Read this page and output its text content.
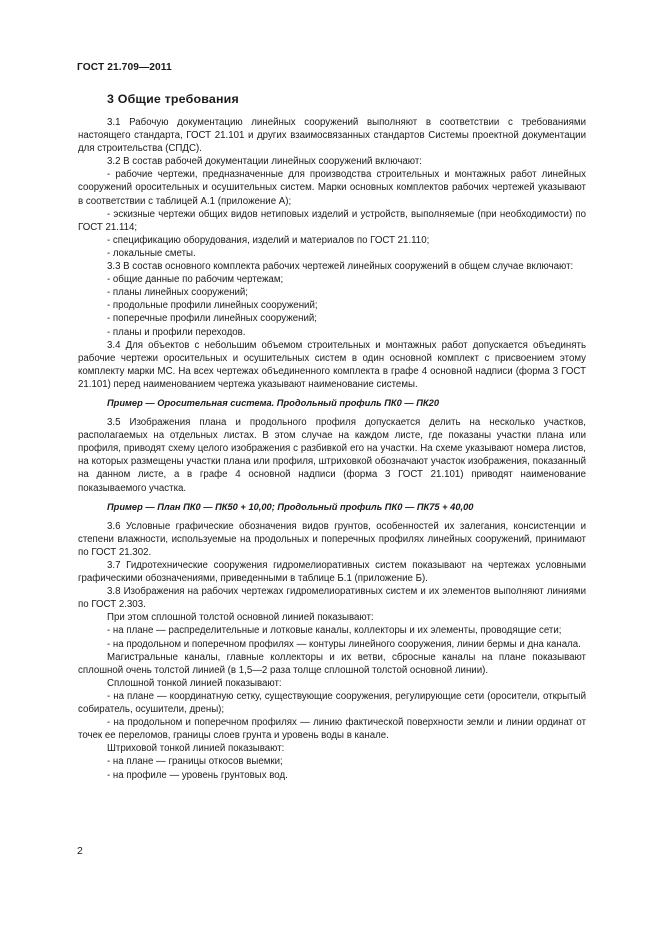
ГОСТ 21.709—2011
3 Общие требования

3.1 Рабочую документацию линейных сооружений выполняют в соответствии с требованиями настоящего стандарта, ГОСТ 21.101 и других взаимосвязанных стандартов Системы проектной документации для строительства (СПДС).

3.2 В состав рабочей документации линейных сооружений включают:

- рабочие чертежи, предназначенные для производства строительных и монтажных работ линейных сооружений оросительных и осушительных систем. Марки основных комплектов рабочих чертежей указывают в соответствии с таблицей А.1 (приложение А);

- эскизные чертежи общих видов нетиповых изделий и устройств, выполняемые (при необходимости) по ГОСТ 21.114;

- спецификацию оборудования, изделий и материалов по ГОСТ 21.110;

- локальные сметы.

3.3 В состав основного комплекта рабочих чертежей линейных сооружений в общем случае включают:

- общие данные по рабочим чертежам;

- планы линейных сооружений;

- продольные профили линейных сооружений;

- поперечные профили линейных сооружений;

- планы и профили переходов.

3.4 Для объектов с небольшим объемом строительных и монтажных работ допускается объединять рабочие чертежи оросительных и осушительных систем в один основной комплект с присвоением этому комплекту марки МС. На всех чертежах объединенного комплекта в графе 4 основной надписи (форма 3 ГОСТ 21.101) перед наименованием чертежа указывают наименование системы.

Пример — Оросительная система. Продольный профиль ПК0 — ПК20

3.5 Изображения плана и продольного профиля допускается делить на несколько участков, располагаемых на отдельных листах. В этом случае на каждом листе, где показаны участки плана или профиля, приводят схему целого изображения с разбивкой его на участки. На схеме указывают номера листов, на которых размещены участки плана или профиля, штриховкой обозначают участок изображения, показанный на данном листе, а в графе 4 основной надписи (форма 3 ГОСТ 21.101) приводят наименование показываемого участка.

Пример — План ПК0 — ПК50 + 10,00; Продольный профиль ПК0 — ПК75 + 40,00

3.6 Условные графические обозначения видов грунтов, особенностей их залегания, консистенции и степени влажности, используемые на продольных и поперечных профилях линейных сооружений, принимают по ГОСТ 21.302.

3.7 Гидротехнические сооружения гидромелиоративных систем показывают на чертежах условными графическими обозначениями, приведенными в таблице Б.1 (приложение Б).

3.8 Изображения на рабочих чертежах гидромелиоративных систем и их элементов выполняют линиями по ГОСТ 2.303.

При этом сплошной толстой основной линией показывают:

- на плане — распределительные и лотковые каналы, коллекторы и их элементы, проводящие сети;

- на продольном и поперечном профилях — контуры линейного сооружения, линии бермы и дна канала.

Магистральные каналы, главные коллекторы и их ветви, сбросные каналы на плане показывают сплошной очень толстой линией (в 1,5—2 раза толще сплошной толстой основной линии).

Сплошной тонкой линией показывают:

- на плане — координатную сетку, существующие сооружения, регулирующие сети (оросители, открытый собиратель, осушители, дрены);

- на продольном и поперечном профилях — линию фактической поверхности земли и линии ординат от точек ее переломов, границы слоев грунта и уровень воды в канале.

Штриховой тонкой линией показывают:

- на плане — границы откосов выемки;

- на профиле — уровень грунтовых вод.

2
